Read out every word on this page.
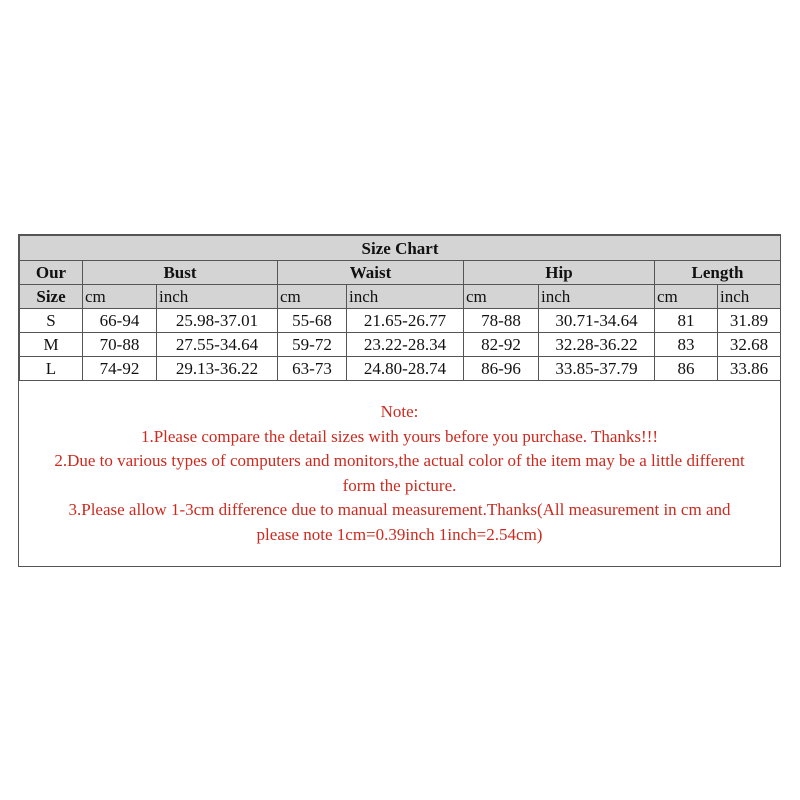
Size Chart								
Our	Bust		Waist		Hip		Length	
Size	cm	inch	cm	inch	cm	inch	cm	inch
S	66-94	25.98-37.01	55-68	21.65-26.77	78-88	30.71-34.64	81	31.89
M	70-88	27.55-34.64	59-72	23.22-28.34	82-92	32.28-36.22	83	32.68
L	74-92	29.13-36.22	63-73	24.80-28.74	86-96	33.85-37.79	86	33.86
Note:
1.Please compare the detail sizes with yours before you purchase. Thanks!!!
2.Due to various types of computers and monitors,the actual color of the item may be a little different
form the picture.
3.Please allow 1-3cm difference due to manual measurement.Thanks(All measurement in cm and
please note 1cm=0.39inch 1inch=2.54cm)
